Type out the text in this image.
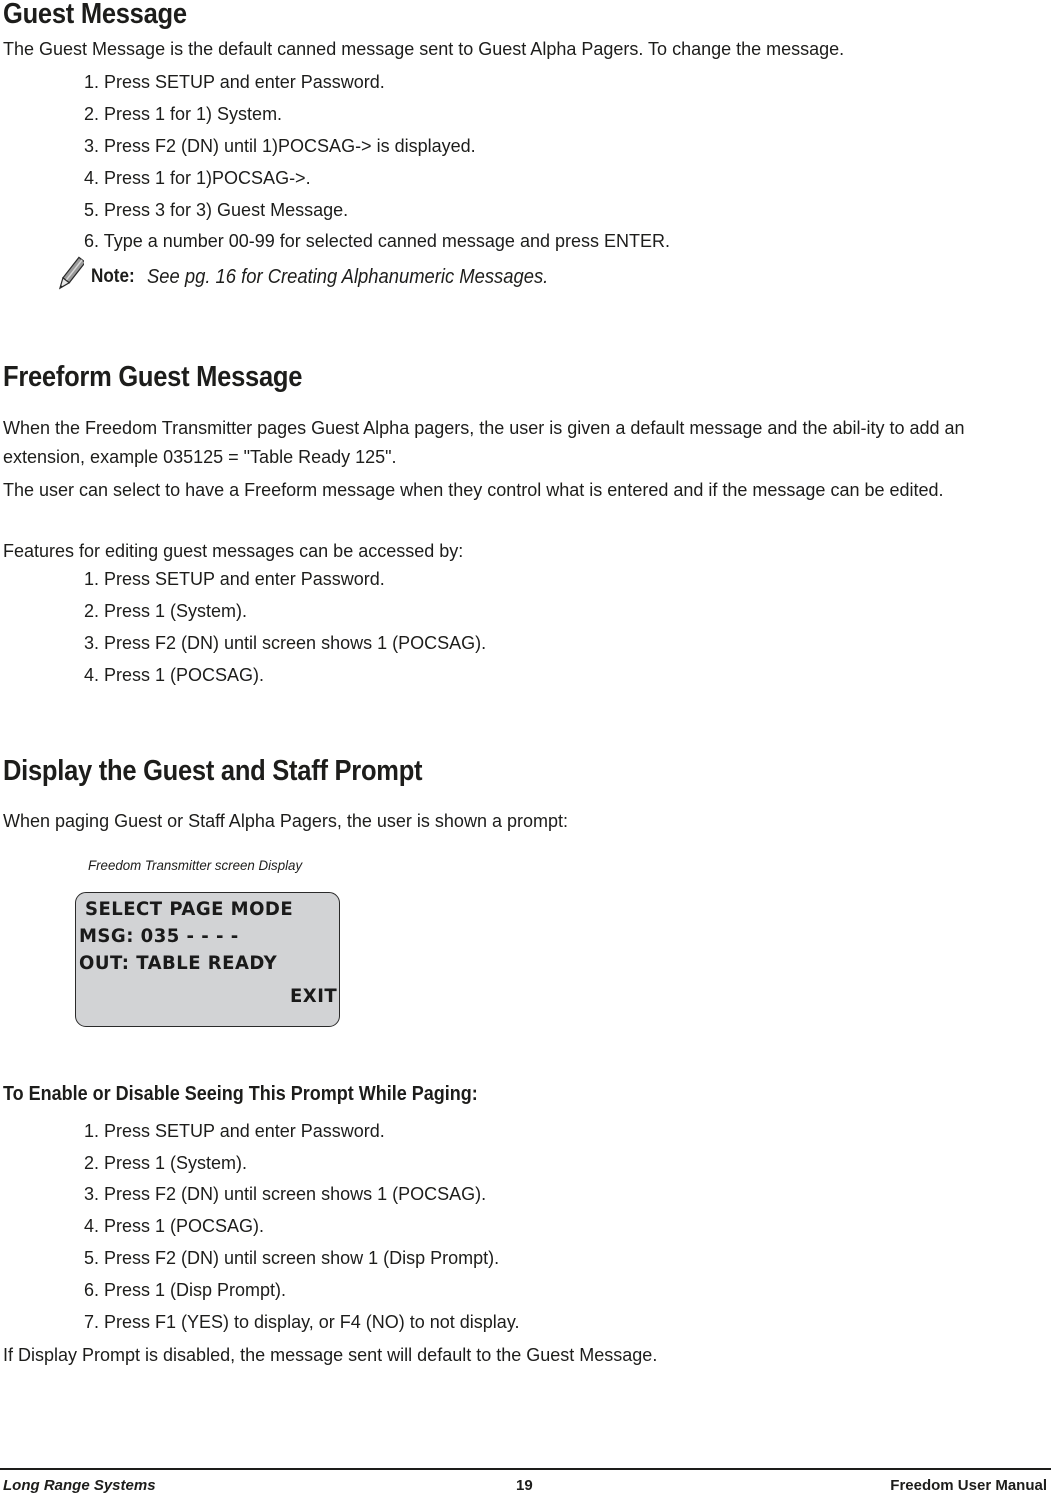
Guest Message

The Guest Message is the default canned message sent to Guest Alpha Pagers. To change the message.

1. Press SETUP and enter Password.

2. Press 1 for 1) System.

3. Press F2 (DN) until 1)POCSAG-> is displayed.

4. Press 1 for 1)POCSAG->.

5. Press 3 for 3) Guest Message.

6. Type a number 00-99 for selected canned message and press ENTER.

Note: See pg. 16 for Creating Alphanumeric Messages.
Freeform Guest Message

When the Freedom Transmitter pages Guest Alpha pagers, the user is given a default message and the abil-ity to add an extension, example 035125 = "Table Ready 125".

The user can select to have a Freeform message when they control what is entered and if the message can be edited.

Features for editing guest messages can be accessed by:

1. Press SETUP and enter Password.

2. Press 1 (System).

3. Press F2 (DN) until screen shows 1 (POCSAG).

4. Press 1 (POCSAG).

Display the Guest and Staff Prompt

When paging Guest or Staff Alpha Pagers, the user is shown a prompt:

Freedom Transmitter screen Display
SELECT PAGE MODE
MSG: 035 - - - -
OUT: TABLE READY
EXIT
To Enable or Disable Seeing This Prompt While Paging:

1. Press SETUP and enter Password.

2. Press 1 (System).

3. Press F2 (DN) until screen shows 1 (POCSAG).

4. Press 1 (POCSAG).

5. Press F2 (DN) until screen show 1 (Disp Prompt).

6. Press 1 (Disp Prompt).

7. Press F1 (YES) to display, or F4 (NO) to not display.

If Display Prompt is disabled, the message sent will default to the Guest Message.

Long Range Systems	19	Freedom User Manual
